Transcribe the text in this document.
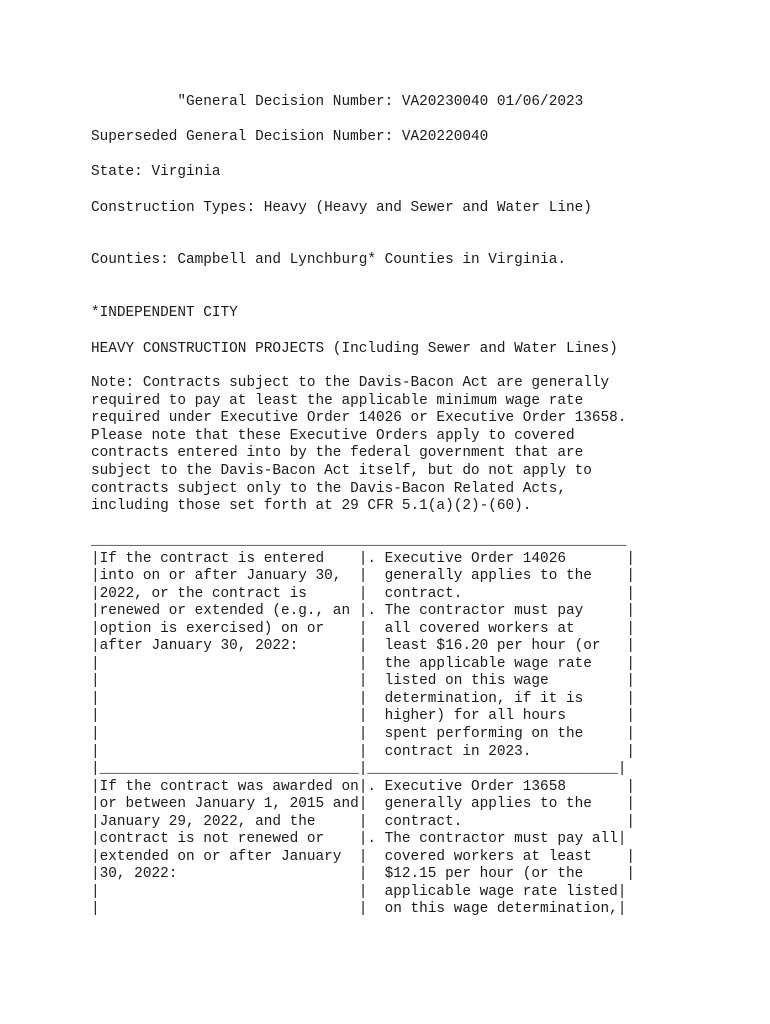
"General Decision Number: VA20230040 01/06/2023
Superseded General Decision Number: VA20220040
State: Virginia
Construction Types: Heavy (Heavy and Sewer and Water Line)
Counties: Campbell and Lynchburg* Counties in Virginia.
*INDEPENDENT CITY
HEAVY CONSTRUCTION PROJECTS (Including Sewer and Water Lines)
Note: Contracts subject to the Davis-Bacon Act are generally
required to pay at least the applicable minimum wage rate
required under Executive Order 14026 or Executive Order 13658.
Please note that these Executive Orders apply to covered
contracts entered into by the federal government that are
subject to the Davis-Bacon Act itself, but do not apply to
contracts subject only to the Davis-Bacon Related Acts,
including those set forth at 29 CFR 5.1(a)(2)-(60).
______________________________________________________________
|If the contract is entered    |. Executive Order 14026       |
|into on or after January 30,  |  generally applies to the    |
|2022, or the contract is      |  contract.                   |
|renewed or extended (e.g., an |. The contractor must pay     |
|option is exercised) on or    |  all covered workers at      |
|after January 30, 2022:       |  least $16.20 per hour (or   |
|                              |  the applicable wage rate    |
|                              |  listed on this wage         |
|                              |  determination, if it is     |
|                              |  higher) for all hours       |
|                              |  spent performing on the     |
|                              |  contract in 2023.           |
|______________________________|_____________________________|
|If the contract was awarded on|. Executive Order 13658       |
|or between January 1, 2015 and|  generally applies to the    |
|January 29, 2022, and the     |  contract.                   |
|contract is not renewed or    |. The contractor must pay all|
|extended on or after January  |  covered workers at least    |
|30, 2022:                     |  $12.15 per hour (or the     |
|                              |  applicable wage rate listed|
|                              |  on this wage determination,|
